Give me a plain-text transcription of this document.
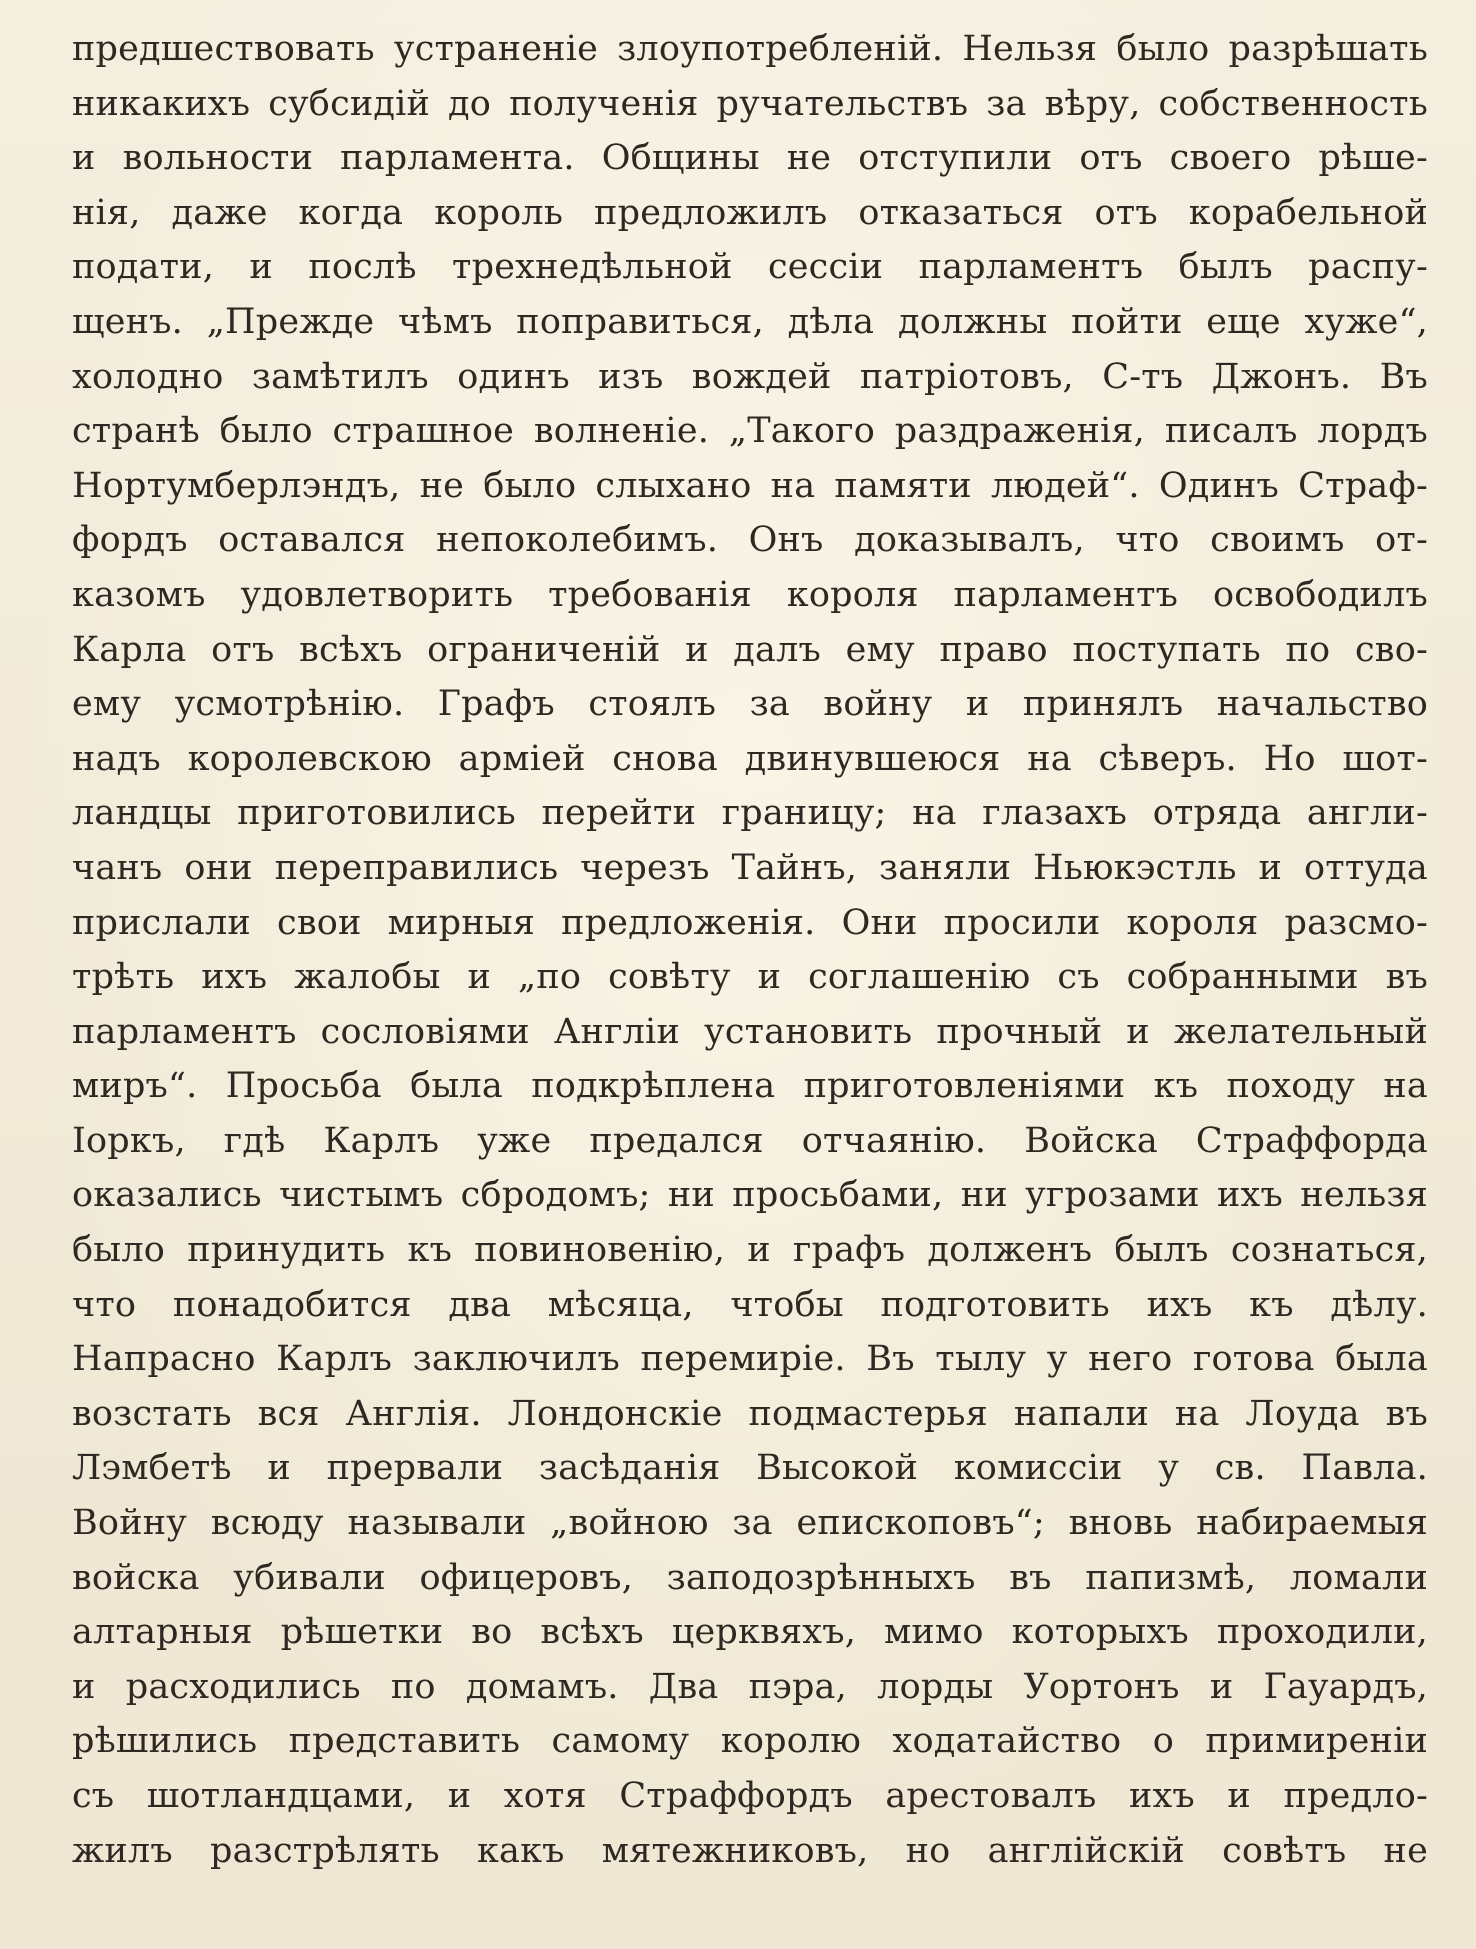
предшествовать устраненіе злоупотребленій. Нельзя было разрѣшать
никакихъ субсидій до полученія ручательствъ за вѣру, собственность
и вольности парламента. Общины не отступили отъ своего рѣше-
нія, даже когда король предложилъ отказаться отъ корабельной
подати, и послѣ трехнедѣльной сессіи парламентъ былъ распу-
щенъ. „Прежде чѣмъ поправиться, дѣла должны пойти еще хуже“,
холодно замѣтилъ одинъ изъ вождей патріотовъ, С-тъ Джонъ. Въ
странѣ было страшное волненіе. „Такого раздраженія, писалъ лордъ
Нортумберлэндъ, не было слыхано на памяти людей“. Одинъ Страф-
фордъ оставался непоколебимъ. Онъ доказывалъ, что своимъ от-
казомъ удовлетворить требованія короля парламентъ освободилъ
Карла отъ всѣхъ ограниченій и далъ ему право поступать по сво-
ему усмотрѣнію. Графъ стоялъ за войну и принялъ начальство
надъ королевскою арміей снова двинувшеюся на сѣверъ. Но шот-
ландцы приготовились перейти границу; на глазахъ отряда англи-
чанъ они переправились черезъ Тайнъ, заняли Ньюкэстль и оттуда
прислали свои мирныя предложенія. Они просили короля разсмо-
трѣть ихъ жалобы и „по совѣту и соглашенію съ собранными въ
парламентъ сословіями Англіи установить прочный и желательный
миръ“. Просьба была подкрѣплена приготовленіями къ походу на
Іоркъ, гдѣ Карлъ уже предался отчаянію. Войска Страффорда
оказались чистымъ сбродомъ; ни просьбами, ни угрозами ихъ нельзя
было принудить къ повиновенію, и графъ долженъ былъ сознаться,
что понадобится два мѣсяца, чтобы подготовить ихъ къ дѣлу.
Напрасно Карлъ заключилъ перемиріе. Въ тылу у него готова была
возстать вся Англія. Лондонскіе подмастерья напали на Лоуда въ
Лэмбетѣ и прервали засѣданія Высокой комиссіи у св. Павла.
Войну всюду называли „войною за епископовъ“; вновь набираемыя
войска убивали офицеровъ, заподозрѣнныхъ въ папизмѣ, ломали
алтарныя рѣшетки во всѣхъ церквяхъ, мимо которыхъ проходили,
и расходились по домамъ. Два пэра, лорды Уортонъ и Гауардъ,
рѣшились представить самому королю ходатайство о примиреніи
съ шотландцами, и хотя Страффордъ арестовалъ ихъ и предло-
жилъ разстрѣлять какъ мятежниковъ, но англійскій совѣтъ не
